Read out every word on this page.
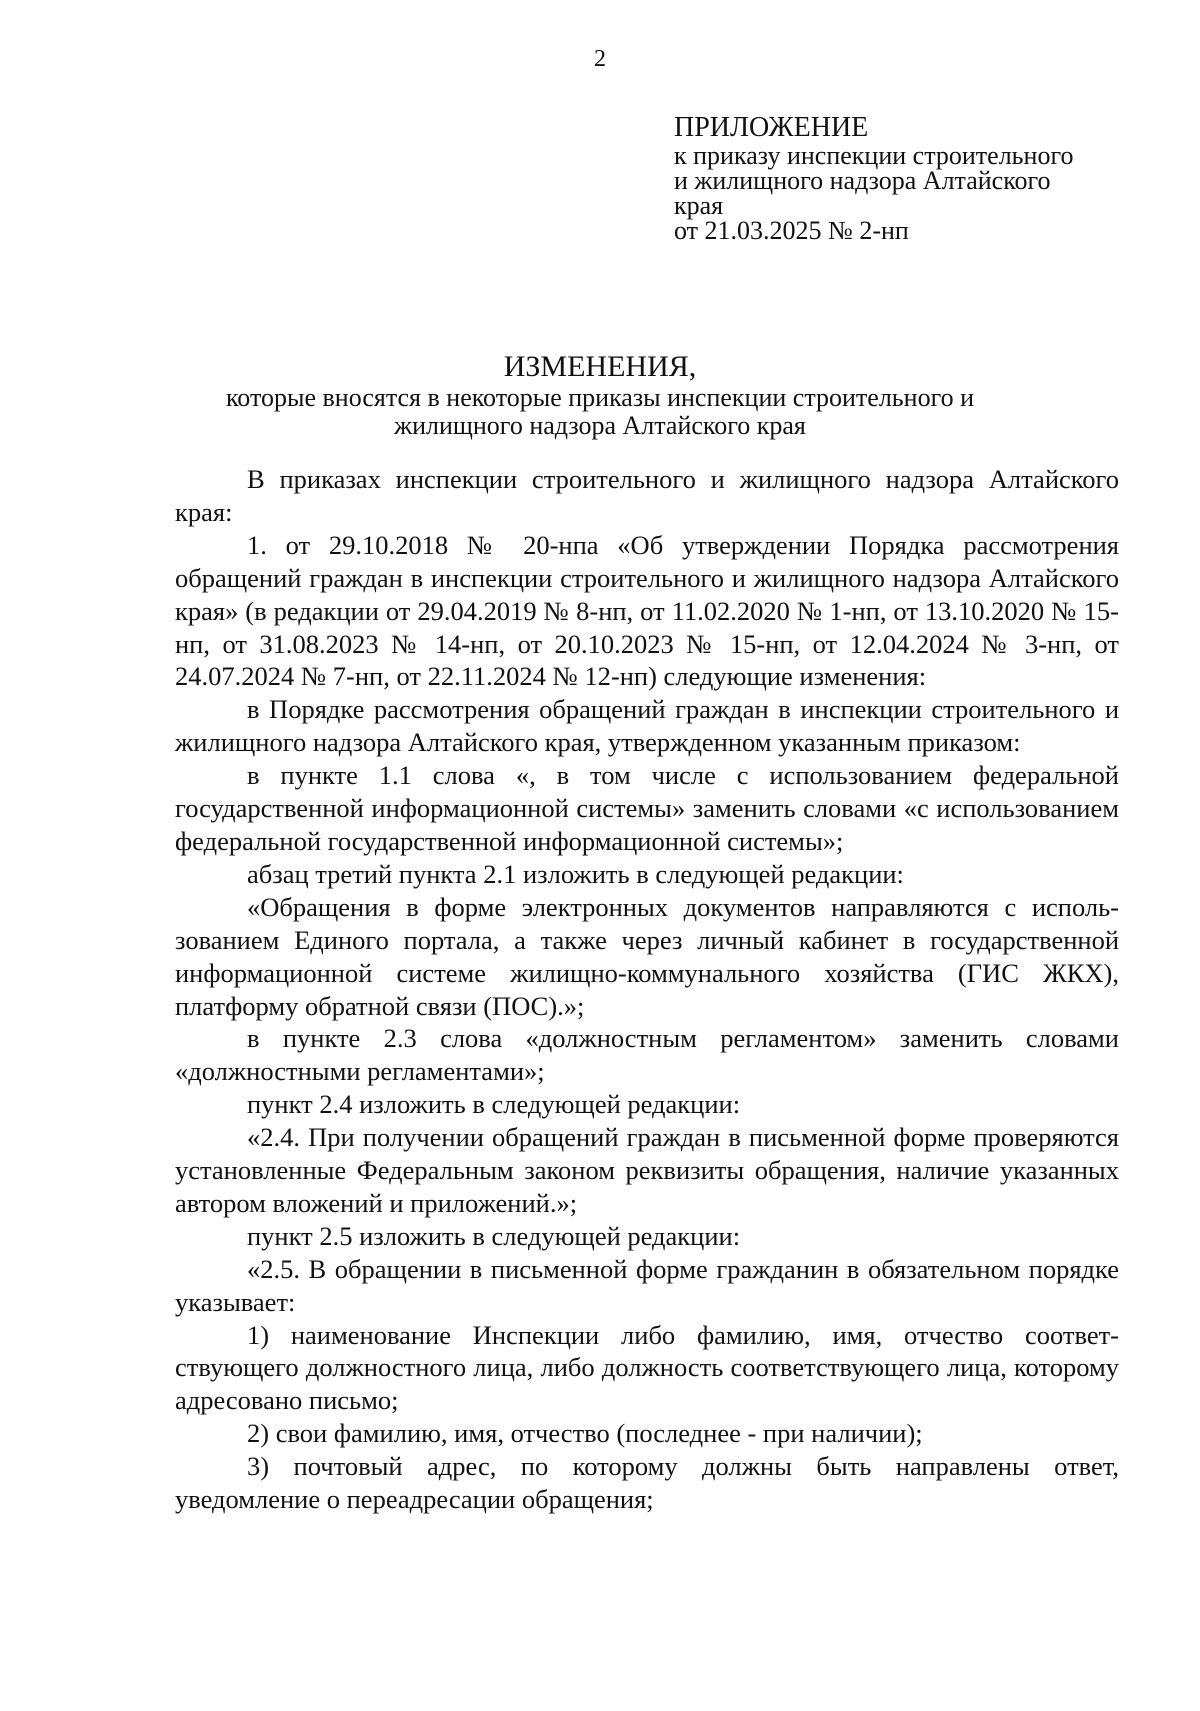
2
ПРИЛОЖЕНИЕ
к приказу инспекции строительного
и жилищного надзора Алтайского
края
от 21.03.2025 № 2-нп
ИЗМЕНЕНИЯ,
которые вносятся в некоторые приказы инспекции строительного и
жилищного надзора Алтайского края

В приказах инспекции строительного и жилищного надзора Алтайского края:

1. от 29.10.2018 № 20-нпа «Об утверждении Порядка рассмотрения обращений граждан в инспекции строительного и жилищного надзора Алтайского края» (в редакции от 29.04.2019 № 8-нп, от 11.02.2020 № 1-нп, от 13.10.2020 № 15-нп, от 31.08.2023 № 14-нп, от 20.10.2023 № 15-нп, от 12.04.2024 № 3-нп, от 24.07.2024 № 7-нп, от 22.11.2024 № 12-нп) следующие изменения:

в Порядке рассмотрения обращений граждан в инспекции строительного и жилищного надзора Алтайского края, утвержденном указанным приказом:

в пункте 1.1 слова «, в том числе с использованием федеральной государственной информационной системы» заменить словами «с использованием федеральной государственной информационной системы»;

абзац третий пункта 2.1 изложить в следующей редакции:

«Обращения в форме электронных документов направляются с использованием Единого портала, а также через личный кабинет в государственной информационной системе жилищно-коммунального хозяйства (ГИС ЖКХ), платформу обратной связи (ПОС).»;

в пункте 2.3 слова «должностным регламентом» заменить словами «должностными регламентами»;

пункт 2.4 изложить в следующей редакции:

«2.4. При получении обращений граждан в письменной форме проверяются установленные Федеральным законом реквизиты обращения, наличие указанных автором вложений и приложений.»;

пункт 2.5 изложить в следующей редакции:

«2.5. В обращении в письменной форме гражданин в обязательном порядке указывает:

1) наименование Инспекции либо фамилию, имя, отчество соответствующего должностного лица, либо должность соответствующего лица, которому адресовано письмо;

2) свои фамилию, имя, отчество (последнее - при наличии);

3) почтовый адрес, по которому должны быть направлены ответ, уведомление о переадресации обращения;
